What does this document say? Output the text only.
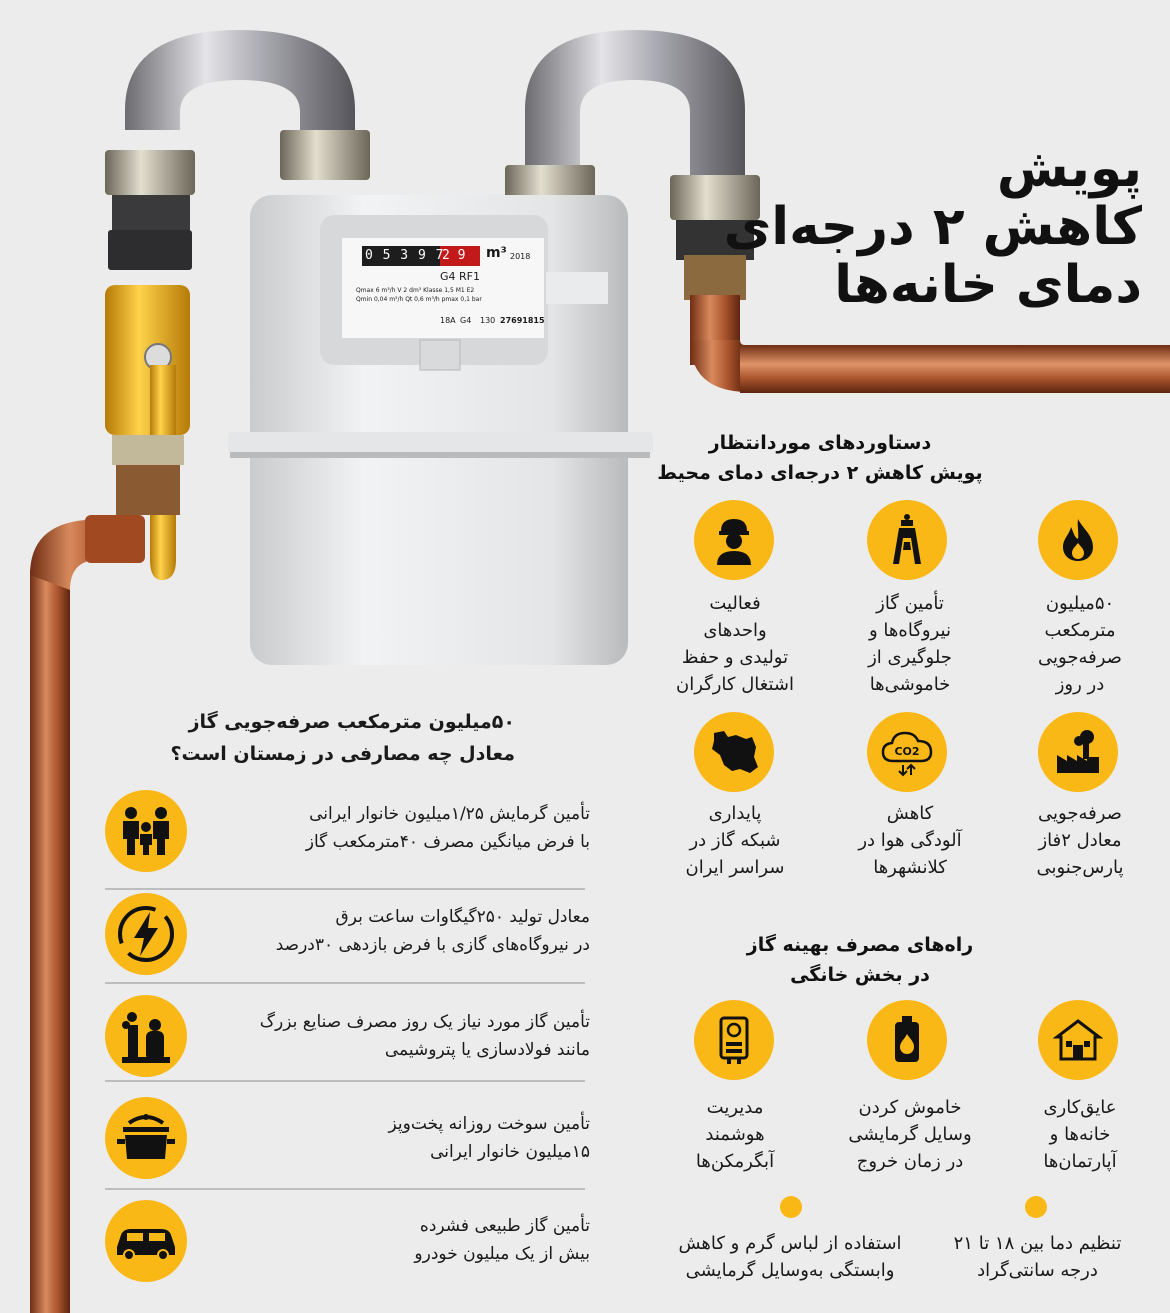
0 5 3 9 7
2 9	m³ 2018
G4 RF1
Qmax 6 m³/h V 2 dm³ Klasse 1,5 M1 E2
Qmin 0,04 m³/h Qt 0,6 m³/h pmax 0,1 bar
18A G4 130 27691815
پویش
کاهش ۲ درجه‌ای
دمای خانه‌ها
دستاوردهای موردانتظار
پویش کاهش ۲ درجه‌ای دمای محیط
۵۰میلیون
مترمکعب
صرفه‌جویی
در روز
تأمین گاز
نیروگاه‌ها و
جلوگیری از
خاموشی‌ها
فعالیت
واحدهای
تولیدی و حفظ
اشتغال کارگران
صرفه‌جویی
معادل ۲فاز
پارس‌جنوبی
CO2
کاهش
آلودگی هوا در
کلانشهرها
پایداری
شبکه گاز در
سراسر ایران
راه‌های مصرف بهینه گاز
در بخش خانگی
عایق‌کاری
خانه‌ها و
آپارتمان‌ها
خاموش کردن
وسایل گرمایشی
در زمان خروج
مدیریت
هوشمند
آبگرمکن‌ها
تنظیم دما بین ۱۸ تا ۲۱
درجه سانتی‌گراد
استفاده از لباس گرم و کاهش
وابستگی به‌وسایل گرمایشی
۵۰میلیون مترمکعب صرفه‌جویی گاز
معادل چه مصارفی در زمستان است؟
تأمین گرمایش ۱/۲۵میلیون خانوار ایرانی
با فرض میانگین مصرف ۴۰مترمکعب گاز
معادل تولید ۲۵۰گیگاوات ساعت برق
در نیروگاه‌های گازی با فرض بازدهی ۳۰درصد
تأمین گاز مورد نیاز یک روز مصرف صنایع بزرگ
مانند فولادسازی یا پتروشیمی
تأمین سوخت روزانه پخت‌وپز
۱۵میلیون خانوار ایرانی
تأمین گاز طبیعی فشرده
بیش از یک میلیون خودرو
